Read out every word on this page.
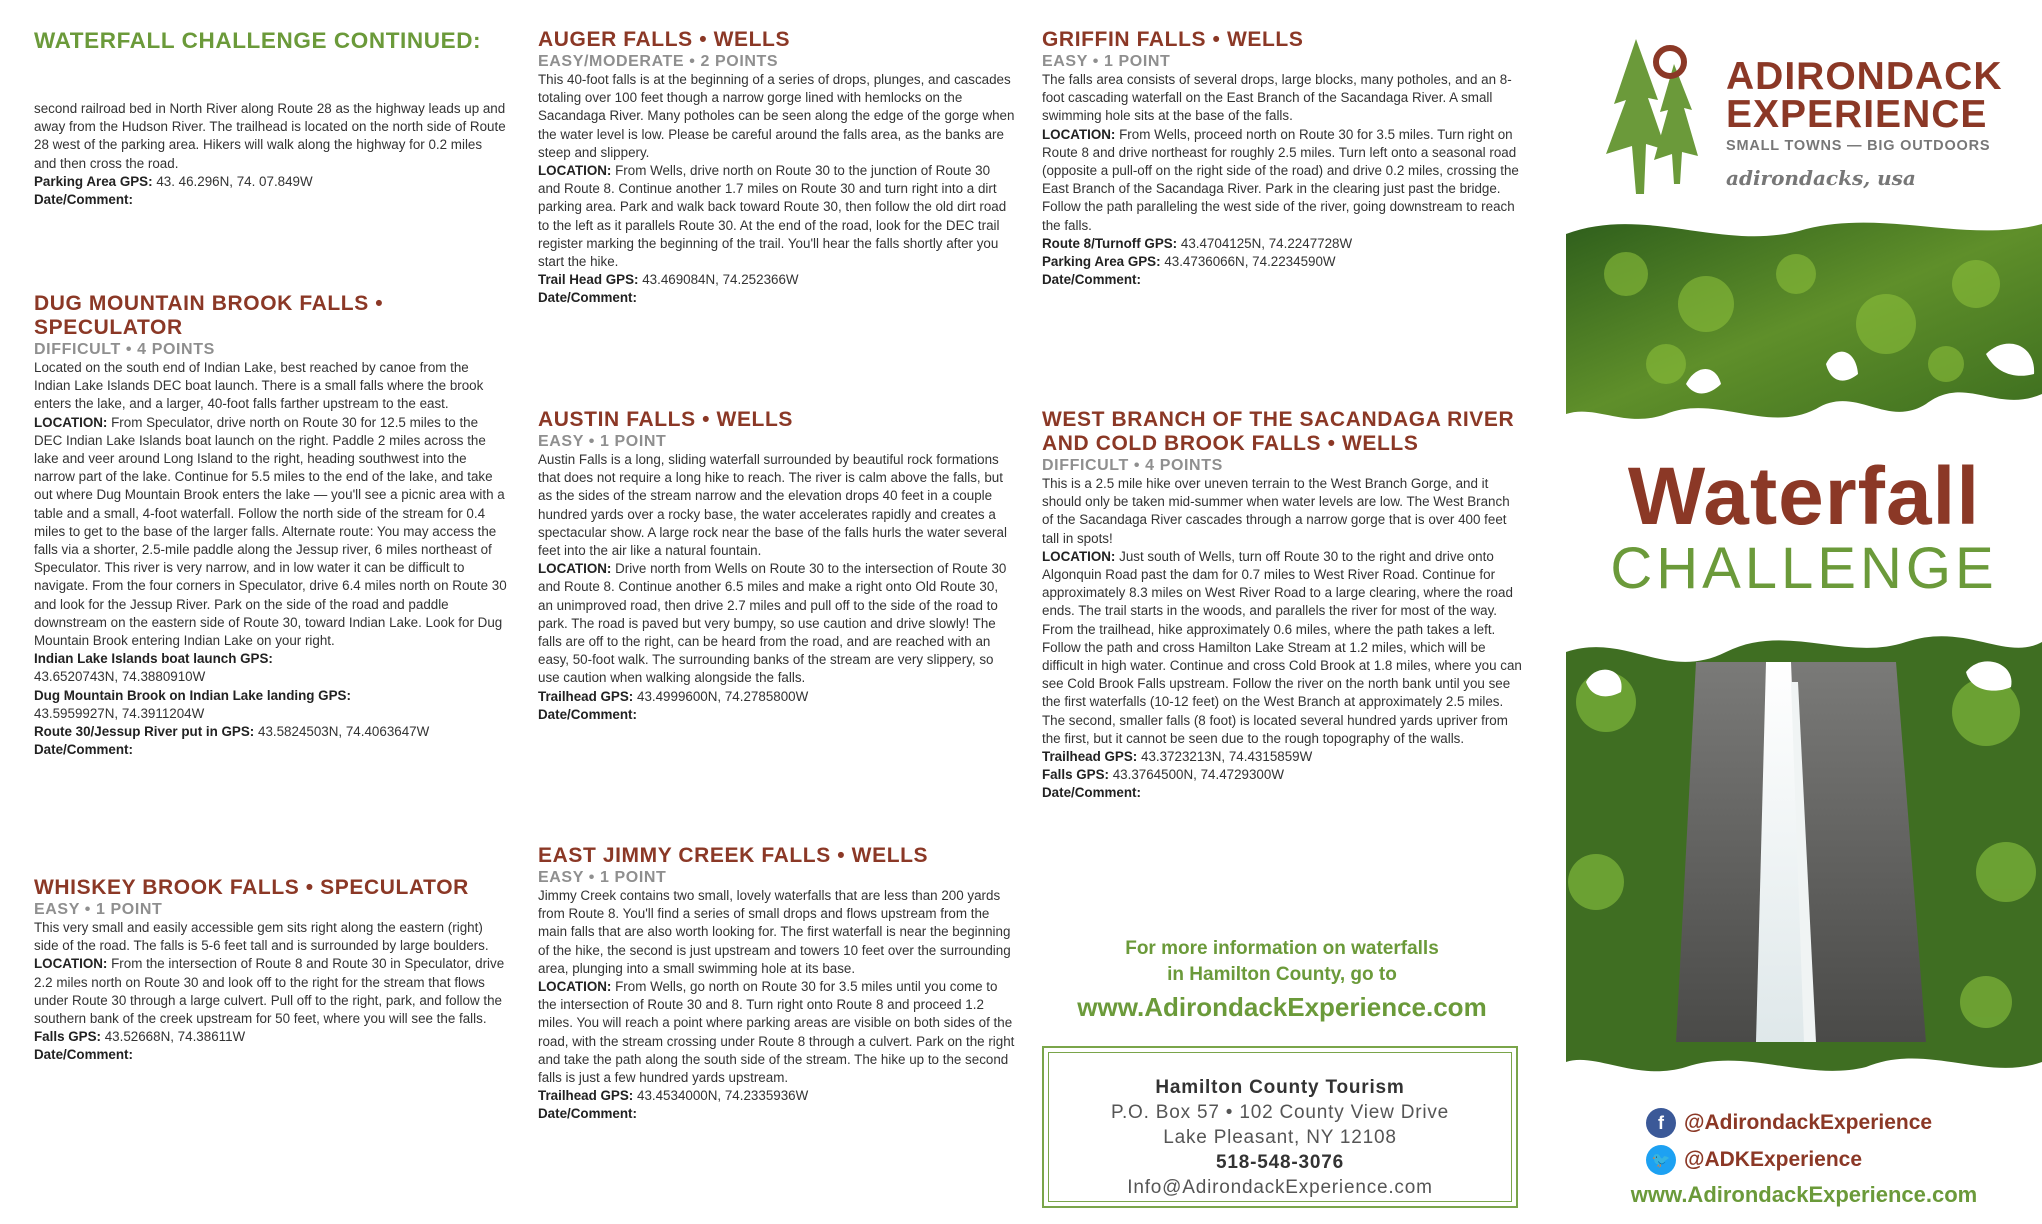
WATERFALL CHALLENGE CONTINUED:

second railroad bed in North River along Route 28 as the highway leads up and away from the Hudson River. The trailhead is located on the north side of Route 28 west of the parking area. Hikers will walk along the highway for 0.2 miles and then cross the road.

Parking Area GPS: 43. 46.296N, 74. 07.849W

Date/Comment:

DUG MOUNTAIN BROOK FALLS • SPECULATOR
DIFFICULT • 4 POINTS

Located on the south end of Indian Lake, best reached by canoe from the Indian Lake Islands DEC boat launch. There is a small falls where the brook enters the lake, and a larger, 40-foot falls farther upstream to the east.

LOCATION: From Speculator, drive north on Route 30 for 12.5 miles to the DEC Indian Lake Islands boat launch on the right. Paddle 2 miles across the lake and veer around Long Island to the right, heading southwest into the narrow part of the lake. Continue for 5.5 miles to the end of the lake, and take out where Dug Mountain Brook enters the lake — you'll see a picnic area with a table and a small, 4-foot waterfall. Follow the north side of the stream for 0.4 miles to get to the base of the larger falls. Alternate route: You may access the falls via a shorter, 2.5-mile paddle along the Jessup river, 6 miles northeast of Speculator. This river is very narrow, and in low water it can be difficult to navigate. From the four corners in Speculator, drive 6.4 miles north on Route 30 and look for the Jessup River. Park on the side of the road and paddle downstream on the eastern side of Route 30, toward Indian Lake. Look for Dug Mountain Brook entering Indian Lake on your right.

Indian Lake Islands boat launch GPS:

43.6520743N, 74.3880910W

Dug Mountain Brook on Indian Lake landing GPS:

43.5959927N, 74.3911204W

Route 30/Jessup River put in GPS: 43.5824503N, 74.4063647W

Date/Comment:

WHISKEY BROOK FALLS • SPECULATOR
EASY • 1 POINT

This very small and easily accessible gem sits right along the eastern (right) side of the road. The falls is 5-6 feet tall and is surrounded by large boulders.

LOCATION: From the intersection of Route 8 and Route 30 in Speculator, drive 2.2 miles north on Route 30 and look off to the right for the stream that flows under Route 30 through a large culvert. Pull off to the right, park, and follow the southern bank of the creek upstream for 50 feet, where you will see the falls.

Falls GPS: 43.52668N, 74.38611W

Date/Comment:

AUGER FALLS • WELLS
EASY/MODERATE • 2 POINTS

This 40-foot falls is at the beginning of a series of drops, plunges, and cascades totaling over 100 feet though a narrow gorge lined with hemlocks on the Sacandaga River. Many potholes can be seen along the edge of the gorge when the water level is low. Please be careful around the falls area, as the banks are steep and slippery.

LOCATION: From Wells, drive north on Route 30 to the junction of Route 30 and Route 8. Continue another 1.7 miles on Route 30 and turn right into a dirt parking area. Park and walk back toward Route 30, then follow the old dirt road to the left as it parallels Route 30. At the end of the road, look for the DEC trail register marking the beginning of the trail. You'll hear the falls shortly after you start the hike.

Trail Head GPS: 43.469084N, 74.252366W

Date/Comment:

AUSTIN FALLS • WELLS
EASY • 1 POINT

Austin Falls is a long, sliding waterfall surrounded by beautiful rock formations that does not require a long hike to reach. The river is calm above the falls, but as the sides of the stream narrow and the elevation drops 40 feet in a couple hundred yards over a rocky base, the water accelerates rapidly and creates a spectacular show. A large rock near the base of the falls hurls the water several feet into the air like a natural fountain.

LOCATION: Drive north from Wells on Route 30 to the intersection of Route 30 and Route 8. Continue another 6.5 miles and make a right onto Old Route 30, an unimproved road, then drive 2.7 miles and pull off to the side of the road to park. The road is paved but very bumpy, so use caution and drive slowly! The falls are off to the right, can be heard from the road, and are reached with an easy, 50-foot walk. The surrounding banks of the stream are very slippery, so use caution when walking alongside the falls.

Trailhead GPS: 43.4999600N, 74.2785800W

Date/Comment:

EAST JIMMY CREEK FALLS • WELLS
EASY • 1 POINT

Jimmy Creek contains two small, lovely waterfalls that are less than 200 yards from Route 8. You'll find a series of small drops and flows upstream from the main falls that are also worth looking for. The first waterfall is near the beginning of the hike, the second is just upstream and towers 10 feet over the surrounding area, plunging into a small swimming hole at its base.

LOCATION: From Wells, go north on Route 30 for 3.5 miles until you come to the intersection of Route 30 and 8. Turn right onto Route 8 and proceed 1.2 miles. You will reach a point where parking areas are visible on both sides of the road, with the stream crossing under Route 8 through a culvert. Park on the right and take the path along the south side of the stream. The hike up to the second falls is just a few hundred yards upstream.

Trailhead GPS: 43.4534000N, 74.2335936W

Date/Comment:

GRIFFIN FALLS • WELLS
EASY • 1 POINT

The falls area consists of several drops, large blocks, many potholes, and an 8-foot cascading waterfall on the East Branch of the Sacandaga River. A small swimming hole sits at the base of the falls.

LOCATION: From Wells, proceed north on Route 30 for 3.5 miles. Turn right on Route 8 and drive northeast for roughly 2.5 miles. Turn left onto a seasonal road (opposite a pull-off on the right side of the road) and drive 0.2 miles, crossing the East Branch of the Sacandaga River. Park in the clearing just past the bridge. Follow the path paralleling the west side of the river, going downstream to reach the falls.

Route 8/Turnoff GPS: 43.4704125N, 74.2247728W

Parking Area GPS: 43.4736066N, 74.2234590W

Date/Comment:

WEST BRANCH OF THE SACANDAGA RIVER
AND COLD BROOK FALLS • WELLS
DIFFICULT • 4 POINTS

This is a 2.5 mile hike over uneven terrain to the West Branch Gorge, and it should only be taken mid-summer when water levels are low. The West Branch of the Sacandaga River cascades through a narrow gorge that is over 400 feet tall in spots!

LOCATION: Just south of Wells, turn off Route 30 to the right and drive onto Algonquin Road past the dam for 0.7 miles to West River Road. Continue for approximately 8.3 miles on West River Road to a large clearing, where the road ends. The trail starts in the woods, and parallels the river for most of the way. From the trailhead, hike approximately 0.6 miles, where the path takes a left. Follow the path and cross Hamilton Lake Stream at 1.2 miles, which will be difficult in high water. Continue and cross Cold Brook at 1.8 miles, where you can see Cold Brook Falls upstream. Follow the river on the north bank until you see the first waterfalls (10-12 feet) on the West Branch at approximately 2.5 miles. The second, smaller falls (8 foot) is located several hundred yards upriver from the first, but it cannot be seen due to the rough topography of the walls.

Trailhead GPS: 43.3723213N, 74.4315859W

Falls GPS: 43.3764500N, 74.4729300W

Date/Comment:

For more information on waterfalls
in Hamilton County, go to
www.AdirondackExperience.com
Hamilton County Tourism
P.O. Box 57 • 102 County View Drive
Lake Pleasant, NY 12108
518-548-3076
Info@AdirondackExperience.com
ADIRONDACK
EXPERIENCE
SMALL TOWNS — BIG OUTDOORS
adirondacks, usa
Waterfall
CHALLENGE
f @AdirondackExperience
🐦 @ADKExperience
www.AdirondackExperience.com
